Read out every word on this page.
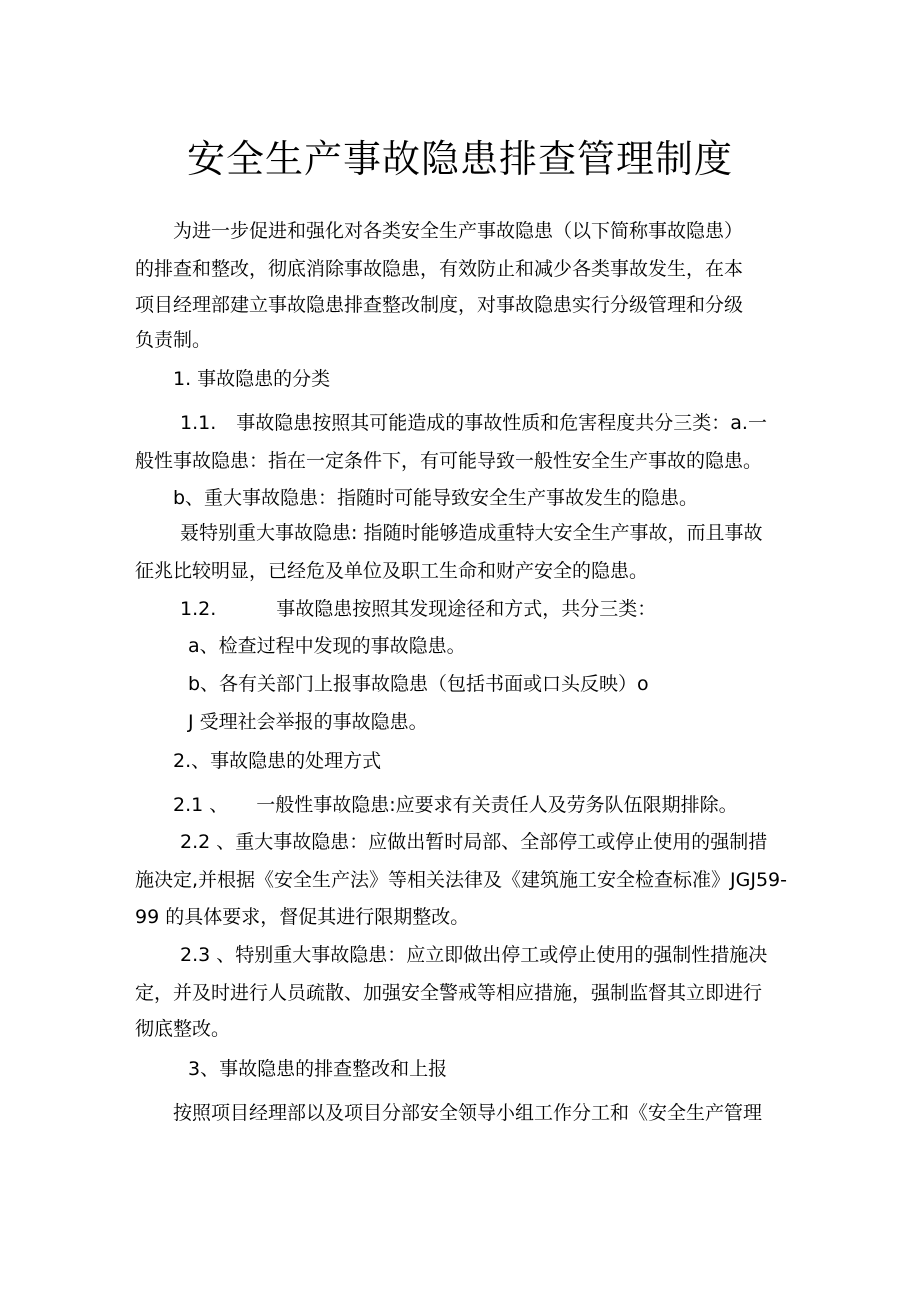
安全生产事故隐患排查管理制度
为进一步促进和强化对各类安全生产事故隐患（以下简称事故隐患）
的排查和整改，彻底消除事故隐患，有效防止和减少各类事故发生，在本
项目经理部建立事故隐患排查整改制度，对事故隐患实行分级管理和分级
负责制。
1. 事故隐患的分类
1.1. 事故隐患按照其可能造成的事故性质和危害程度共分三类：a.一
般性事故隐患：指在一定条件下，有可能导致一般性安全生产事故的隐患。
b、重大事故隐患：指随时可能导致安全生产事故发生的隐患。
聂特别重大事故隐患: 指随时能够造成重特大安全生产事故，而且事故
征兆比较明显，已经危及单位及职工生命和财产安全的隐患。
1.2.	事故隐患按照其发现途径和方式，共分三类：
a、检查过程中发现的事故隐患。
b、各有关部门上报事故隐患（包括书面或口头反映）o
J 受理社会举报的事故隐患。
2.、事故隐患的处理方式
2.1 、 一般性事故隐患:应要求有关责任人及劳务队伍限期排除。
2.2 、重大事故隐患：应做出暂时局部、全部停工或停止使用的强制措
施决定,并根据《安全生产法》等相关法律及《建筑施工安全检查标准》JGJ59-
99 的具体要求，督促其进行限期整改。
2.3 、特别重大事故隐患：应立即做出停工或停止使用的强制性措施决
定，并及时进行人员疏散、加强安全警戒等相应措施，强制监督其立即进行
彻底整改。
3、事故隐患的排查整改和上报
按照项目经理部以及项目分部安全领导小组工作分工和《安全生产管理
